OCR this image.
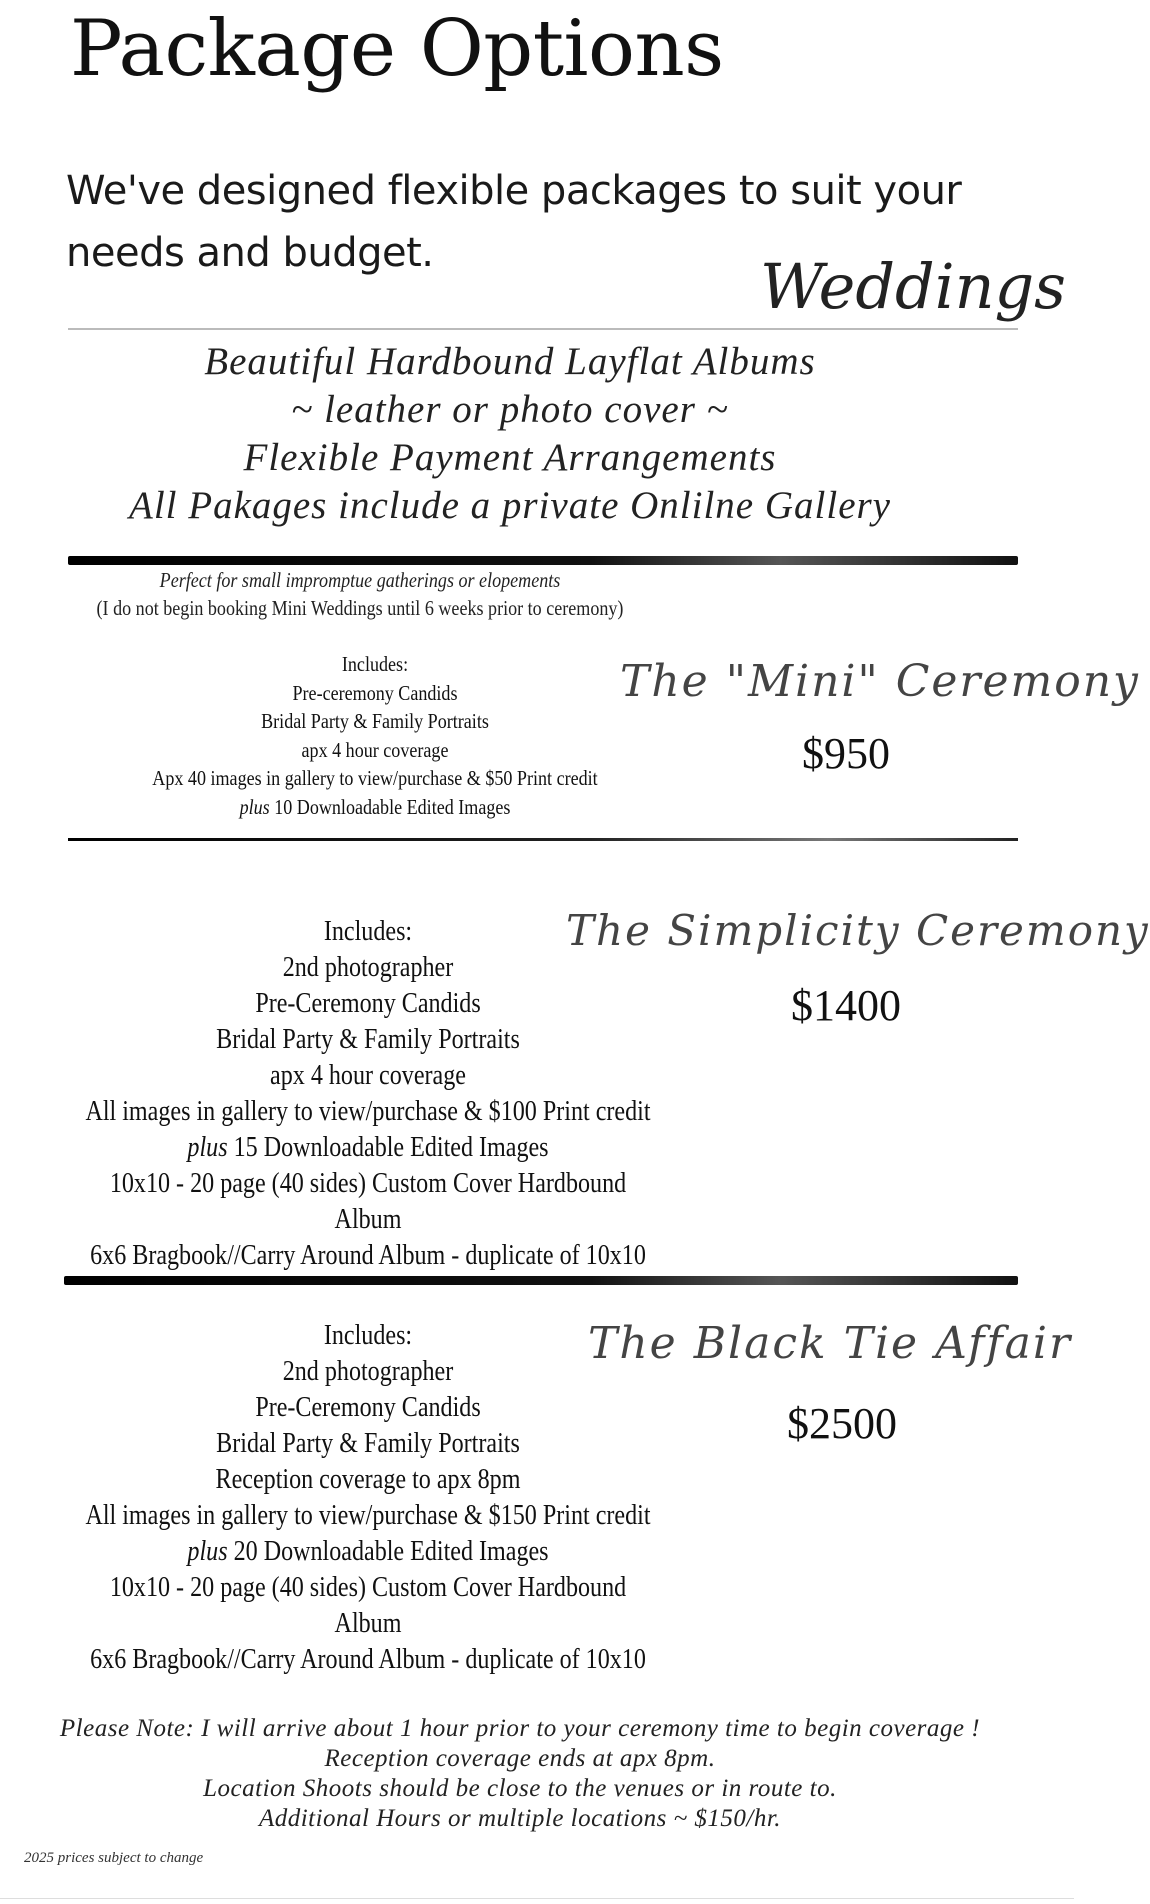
Package Options
We've designed flexible packages to suit your
needs and budget.	Weddings
Beautiful Hardbound Layflat Albums
~ leather or photo cover ~
Flexible Payment Arrangements
All Pakages include a private Onlilne Gallery
Perfect for small impromptue gatherings or elopements
(I do not begin booking Mini Weddings until 6 weeks prior to ceremony)
Includes:
Pre-ceremony Candids
Bridal Party & Family Portraits
apx 4 hour coverage
Apx 40 images in gallery to view/purchase & $50 Print credit
plus 10 Downloadable Edited Images
The "Mini" Ceremony
$950
Includes:
2nd photographer
Pre-Ceremony Candids
Bridal Party & Family Portraits
apx 4 hour coverage
All images in gallery to view/purchase & $100 Print credit
plus 15 Downloadable Edited Images
10x10 - 20 page (40 sides) Custom Cover Hardbound Album
6x6 Bragbook//Carry Around Album - duplicate of 10x10
The Simplicity Ceremony
$1400
Includes:
2nd photographer
Pre-Ceremony Candids
Bridal Party & Family Portraits
Reception coverage to apx 8pm
All images in gallery to view/purchase & $150 Print credit
plus 20 Downloadable Edited Images
10x10 - 20 page (40 sides) Custom Cover Hardbound Album
6x6 Bragbook//Carry Around Album - duplicate of 10x10
The Black Tie Affair
$2500
Please Note: I will arrive about 1 hour prior to your ceremony time to begin coverage !
Reception coverage ends at apx 8pm.
Location Shoots should be close to the venues or in route to.
Additional Hours or multiple locations ~ $150/hr.
2025 prices subject to change
